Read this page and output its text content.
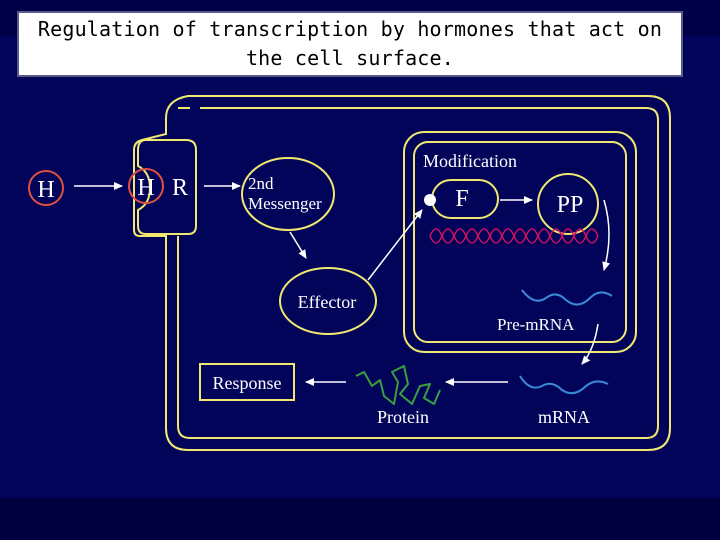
Regulation of transcription by hormones that act on the cell surface.
H	H R	2nd
Messenger
Effector
Modification
F	PP
Pre-mRNA
mRNA
Protein
Response
